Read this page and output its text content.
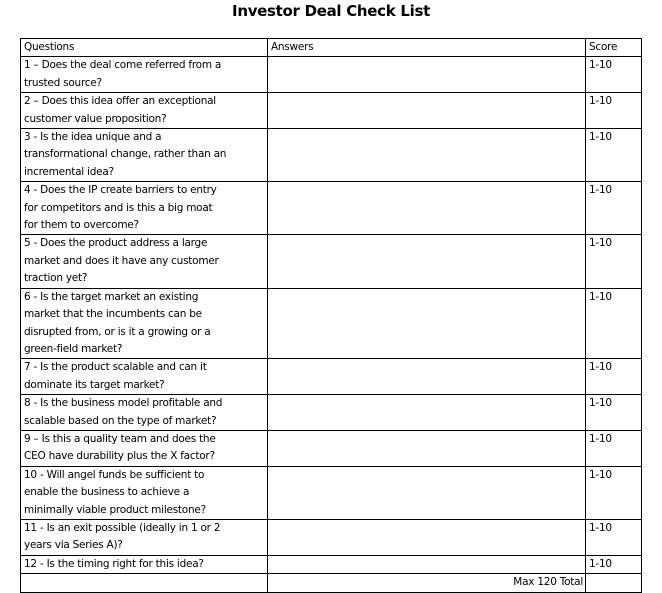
Investor Deal Check List
Questions	Answers	Score

1 – Does the deal come referred from a
trusted source?		1-10

2 – Does this idea offer an exceptional
customer value proposition?		1-10

3 - Is the idea unique and a
transformational change, rather than an
incremental idea?		1-10

4 - Does the IP create barriers to entry
for competitors and is this a big moat
for them to overcome?		1-10

5 - Does the product address a large
market and does it have any customer
traction yet?		1-10

6 - Is the target market an existing
market that the incumbents can be
disrupted from, or is it a growing or a
green-field market?		1-10

7 - Is the product scalable and can it
dominate its target market?		1-10

8 - Is the business model profitable and
scalable based on the type of market?		1-10

9 – Is this a quality team and does the
CEO have durability plus the X factor?		1-10

10 - Will angel funds be sufficient to
enable the business to achieve a
minimally viable product milestone?		1-10

11 - Is an exit possible (ideally in 1 or 2
years via Series A)?		1-10

12 - Is the timing right for this idea?		1-10
	Max 120 Total	
